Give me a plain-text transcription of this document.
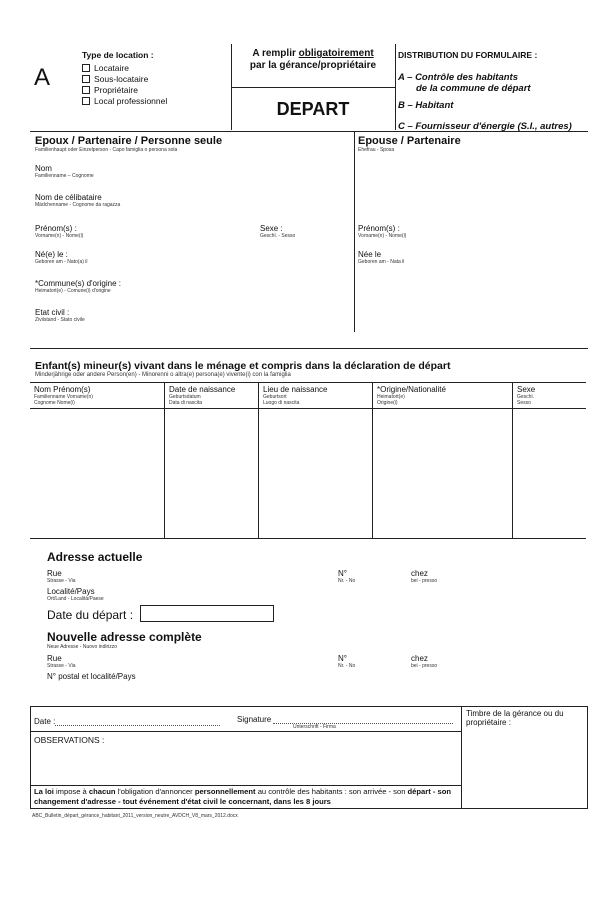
A
Type de location :
Locataire
Sous-locataire
Propriétaire
Local professionnel
A remplir obligatoirement
par la gérance/propriétaire
DEPART
DISTRIBUTION DU FORMULAIRE :
A – Contrôle des habitants
de la commune de départ
B – Habitant
C – Fournisseur d'énergie (S.I., autres)
Epoux / Partenaire / Personne seule
Familienhaupt oder Einzelperson - Capo famiglia o persona sola
Nom
Familienname – Cognome
Nom de célibataire
Mädchenname - Cognome da ragazza
Prénom(s) :
Vorname(n) - Nome(i)
Sexe :
Geschl. - Sesso
Né(e) le :
Geboren am - Nato(a) il
*Commune(s) d'origine :
Heimatort(e) - Comune(i) d'origine
Etat civil :
Zivilstand - Stato civile
Epouse / Partenaire
Ehefrau - Sposa
Prénom(s) :
Vorname(n) - Nome(i)
Née le
Geboren am - Nata il
Enfant(s) mineur(s) vivant dans le ménage et compris dans la déclaration de départ
Minderjährige oder andere Person(en) - Minorenni o altra(e) persona(e) vivente(i) con la famiglia
Nom Prénom(s)
Familienname Vorname(n)
Cognome Nome(i)
Date de naissance
Geburtsdatum
Data di nascita
Lieu de naissance
Geburtsort
Luogo di nascita
*Origine/Nationalité
Heimatort(e)
Origine(i)
Sexe
Geschl.
Sesso
Adresse actuelle
Rue
Strasse - Via
N°
Nr. - No
chez
bei - presso
Localité/Pays
Ort/Land - Località/Paese
Date du départ :
Nouvelle adresse complète
Neue Adresse - Nuovo indirizzo
Rue
Strasse - Via
N°
Nr. - No
chez
bei - presso
N° postal et localité/Pays
Date :	Signature
Unterschrift - Firma
Timbre de la gérance ou du propriétaire :
OBSERVATIONS :
La loi impose à chacun l'obligation d'annoncer personnellement au contrôle des habitants : son arrivée - son départ - son changement d'adresse - tout événement d'état civil le concernant, dans les 8 jours
ABC_Bulletin_départ_gérance_habitant_2011_version_neutre_AVDCH_V8_mars_2012.docx
